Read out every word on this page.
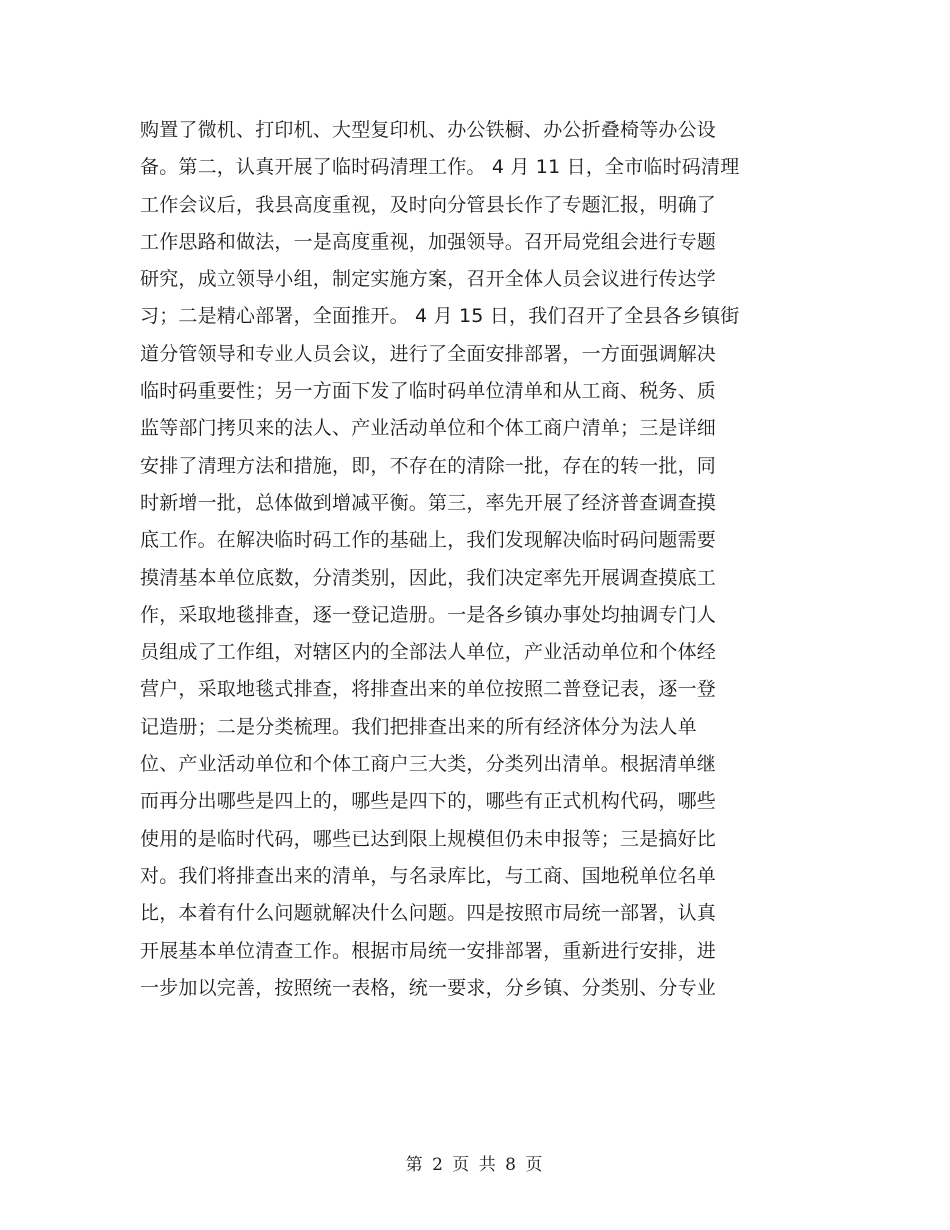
购置了微机、打印机、大型复印机、办公铁橱、办公折叠椅等办公设
备。第二，认真开展了临时码清理工作。 4 月 11 日，全市临时码清理
工作会议后，我县高度重视，及时向分管县长作了专题汇报，明确了
工作思路和做法，一是高度重视，加强领导。召开局党组会进行专题
研究，成立领导小组，制定实施方案，召开全体人员会议进行传达学
习；二是精心部署，全面推开。 4 月 15 日，我们召开了全县各乡镇街
道分管领导和专业人员会议，进行了全面安排部署，一方面强调解决
临时码重要性；另一方面下发了临时码单位清单和从工商、税务、质
监等部门拷贝来的法人、产业活动单位和个体工商户清单；三是详细
安排了清理方法和措施，即，不存在的清除一批，存在的转一批，同
时新增一批，总体做到增减平衡。第三，率先开展了经济普查调查摸
底工作。在解决临时码工作的基础上，我们发现解决临时码问题需要
摸清基本单位底数，分清类别，因此，我们决定率先开展调查摸底工
作，采取地毯排查，逐一登记造册。一是各乡镇办事处均抽调专门人
员组成了工作组，对辖区内的全部法人单位，产业活动单位和个体经
营户，采取地毯式排查，将排查出来的单位按照二普登记表，逐一登
记造册；二是分类梳理。我们把排查出来的所有经济体分为法人单
位、产业活动单位和个体工商户三大类，分类列出清单。根据清单继
而再分出哪些是四上的，哪些是四下的，哪些有正式机构代码，哪些
使用的是临时代码，哪些已达到限上规模但仍未申报等；三是搞好比
对。我们将排查出来的清单，与名录库比，与工商、国地税单位名单
比，本着有什么问题就解决什么问题。四是按照市局统一部署，认真
开展基本单位清查工作。根据市局统一安排部署，重新进行安排，进
一步加以完善，按照统一表格，统一要求，分乡镇、分类别、分专业
第 2 页 共 8 页
